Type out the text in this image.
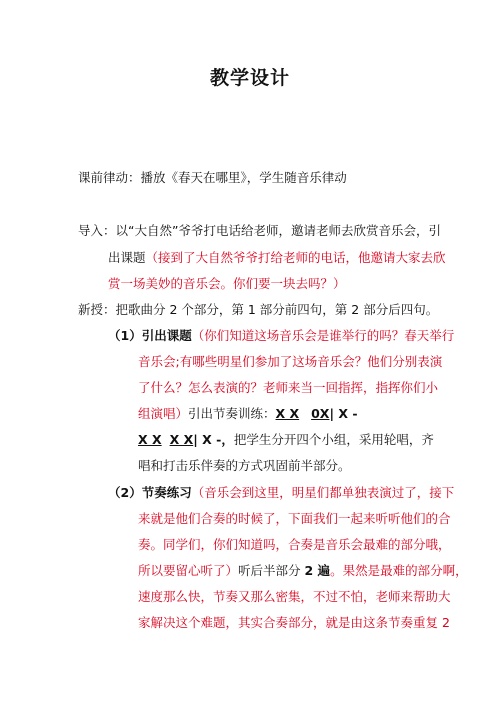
教学设计
课前律动：播放《春天在哪里》，学生随音乐律动
导入：以“大自然”爷爷打电话给老师，邀请老师去欣赏音乐会，引
出课题（接到了大自然爷爷打给老师的电话，他邀请大家去欣
赏一场美妙的音乐会。你们要一块去吗？）
新授：把歌曲分 2 个部分，第 1 部分前四句，第 2 部分后四句。
（1）引出课题（你们知道这场音乐会是谁举行的吗？春天举行
音乐会;有哪些明星们参加了这场音乐会？他们分别表演
了什么？怎么表演的？老师来当一回指挥，指挥你们小
组演唱）引出节奏训练：X X 0X| X -
X X X X| X -，把学生分开四个小组，采用轮唱，齐
唱和打击乐伴奏的方式巩固前半部分。
（2）节奏练习（音乐会到这里，明星们都单独表演过了，接下
来就是他们合奏的时候了，下面我们一起来听听他们的合
奏。同学们，你们知道吗，合奏是音乐会最难的部分哦，
所以要留心听了）听后半部分 2 遍。果然是最难的部分啊，
速度那么快，节奏又那么密集，不过不怕，老师来帮助大
家解决这个难题，其实合奏部分，就是由这条节奏重复 2
